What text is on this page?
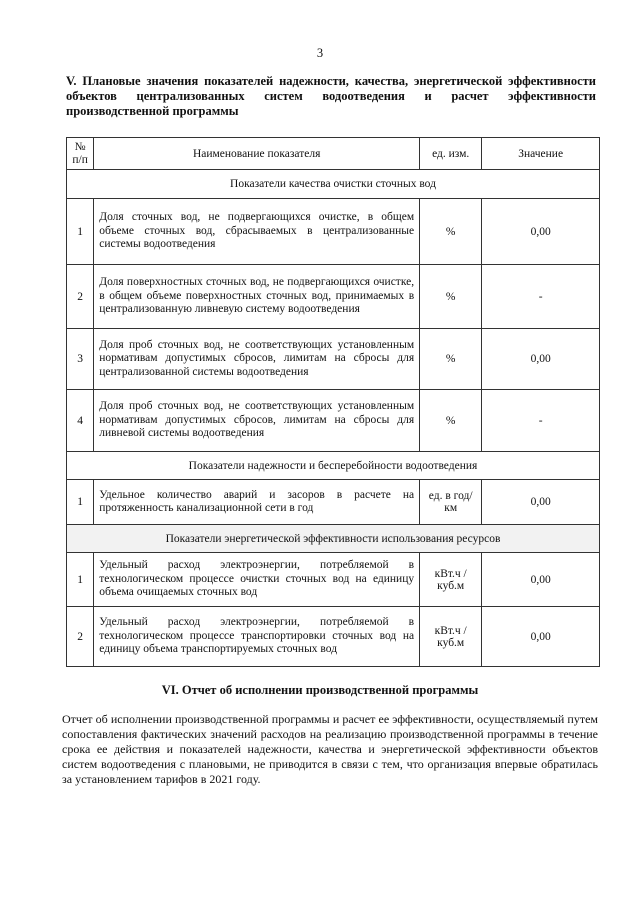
3
V. Плановые значения показателей надежности, качества, энергетической эффективности объектов централизованных систем водоотведения и расчет эффективности производственной программы
№ п/п	Наименование показателя	ед. изм.	Значение
Показатели качества очистки сточных вод			
1	Доля сточных вод, не подвергающихся очистке, в общем объеме сточных вод, сбрасываемых в централизованные системы водоотведения	%	0,00
2	Доля поверхностных сточных вод, не подвергающихся очистке, в общем объеме поверхностных сточных вод, принимаемых в централизованную ливневую систему водоотведения	%	-
3	Доля проб сточных вод, не соответствующих установленным нормативам допустимых сбросов, лимитам на сбросы для централизованной системы водоотведения	%	0,00
4	Доля проб сточных вод, не соответствующих установленным нормативам допустимых сбросов, лимитам на сбросы для ливневой системы водоотведения	%	-
Показатели надежности и бесперебойности водоотведения			
1	Удельное количество аварий и засоров в расчете на протяженность канализационной сети в год	ед. в год/ км	0,00
Показатели энергетической эффективности использования ресурсов			
1	Удельный расход электроэнергии, потребляемой в технологическом процессе очистки сточных вод на единицу объема очищаемых сточных вод	кВт.ч / куб.м	0,00
2	Удельный расход электроэнергии, потребляемой в технологическом процессе транспортировки сточных вод на единицу объема транспортируемых сточных вод	кВт.ч / куб.м	0,00
VI. Отчет об исполнении производственной программы
Отчет об исполнении производственной программы и расчет ее эффективности, осуществляемый путем сопоставления фактических значений расходов на реализацию производственной программы в течение срока ее действия и показателей надежности, качества и энергетической эффективности объектов систем водоотведения с плановыми, не приводится в связи с тем, что организация впервые обратилась за установлением тарифов в 2021 году.
